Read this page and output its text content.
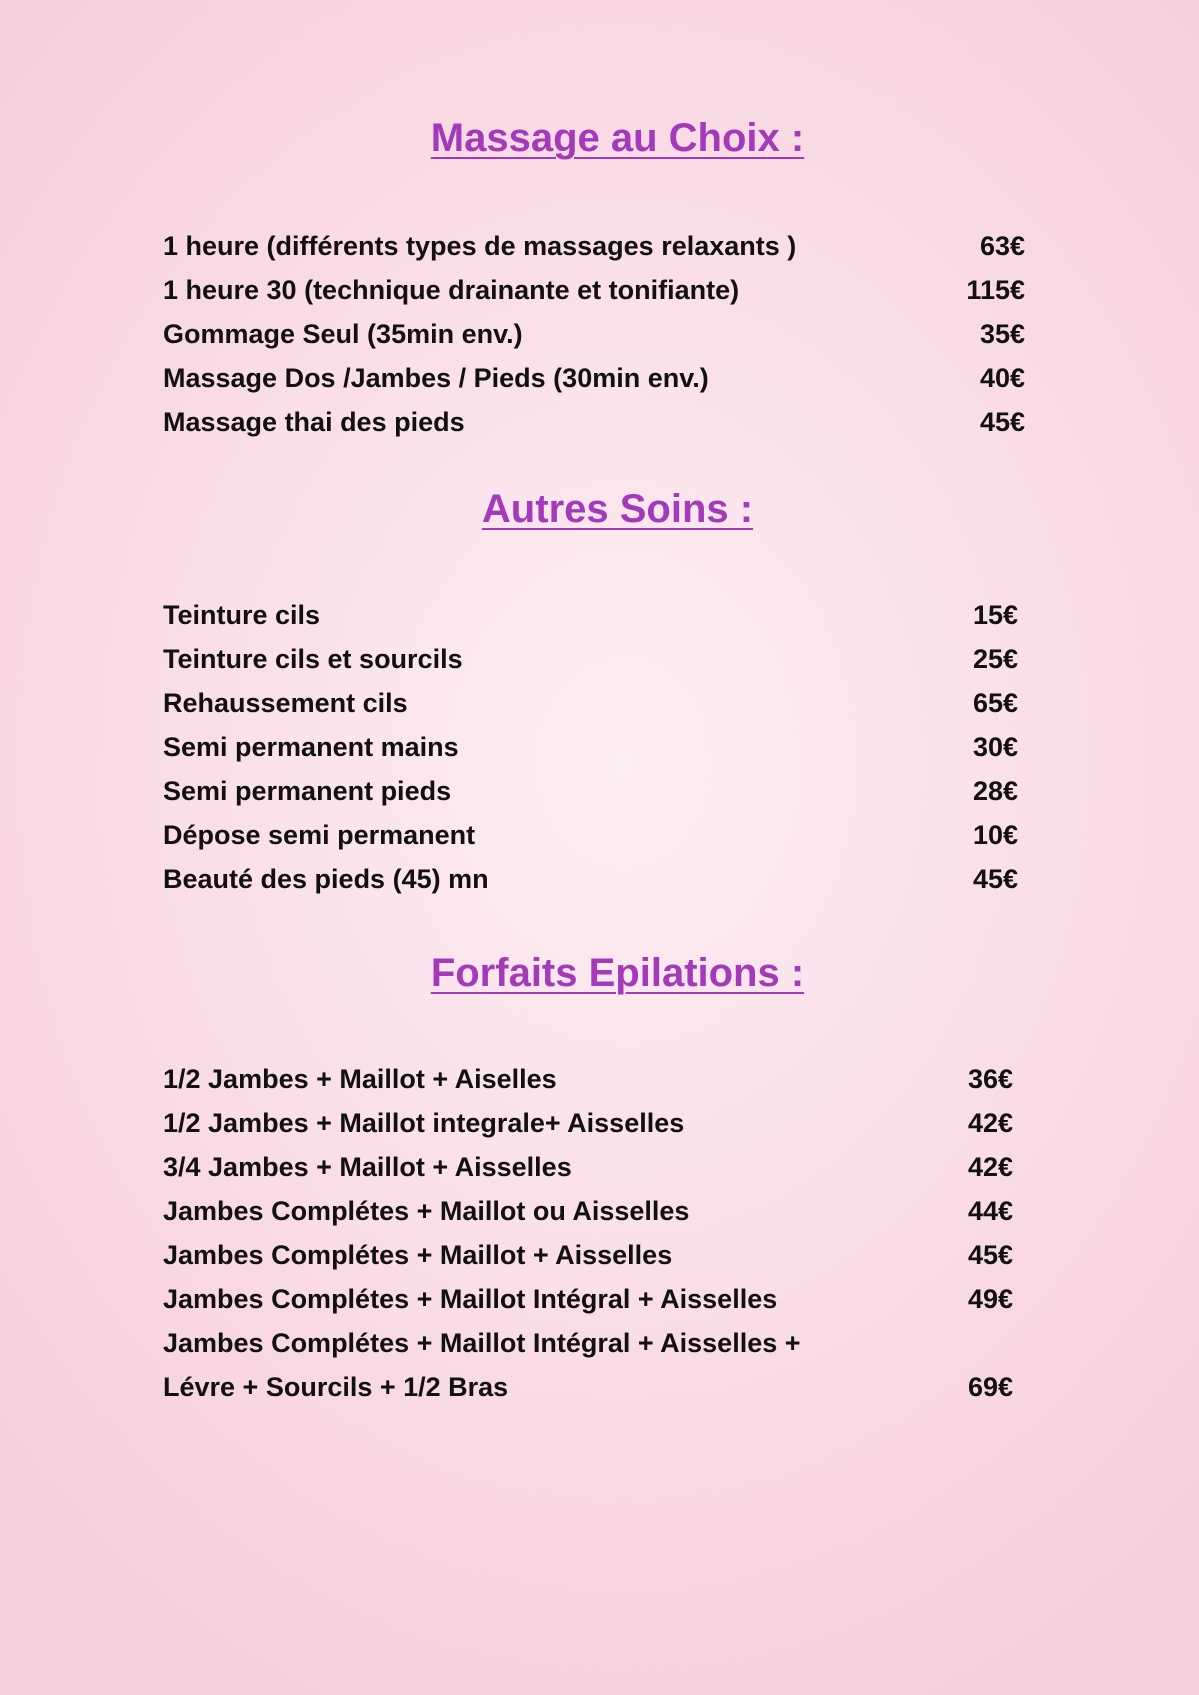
Massage au Choix :
1 heure (différents types de massages relaxants )	63€
1 heure 30 (technique drainante et tonifiante)	115€
Gommage Seul (35min env.)	35€
Massage Dos /Jambes / Pieds (30min env.)	40€
Massage thai des pieds	45€
Autres Soins :
Teinture cils	15€
Teinture cils et sourcils	25€
Rehaussement cils	65€
Semi permanent mains	30€
Semi permanent pieds	28€
Dépose semi permanent	10€
Beauté des pieds (45) mn	45€
Forfaits Epilations :
1/2 Jambes + Maillot + Aiselles	36€
1/2 Jambes + Maillot integrale+ Aisselles	42€
3/4 Jambes + Maillot + Aisselles	42€
Jambes Complétes + Maillot ou Aisselles	44€
Jambes Complétes + Maillot + Aisselles	45€
Jambes Complétes + Maillot Intégral + Aisselles	49€
Jambes Complétes + Maillot Intégral + Aisselles +
Lévre + Sourcils + 1/2 Bras	69€
